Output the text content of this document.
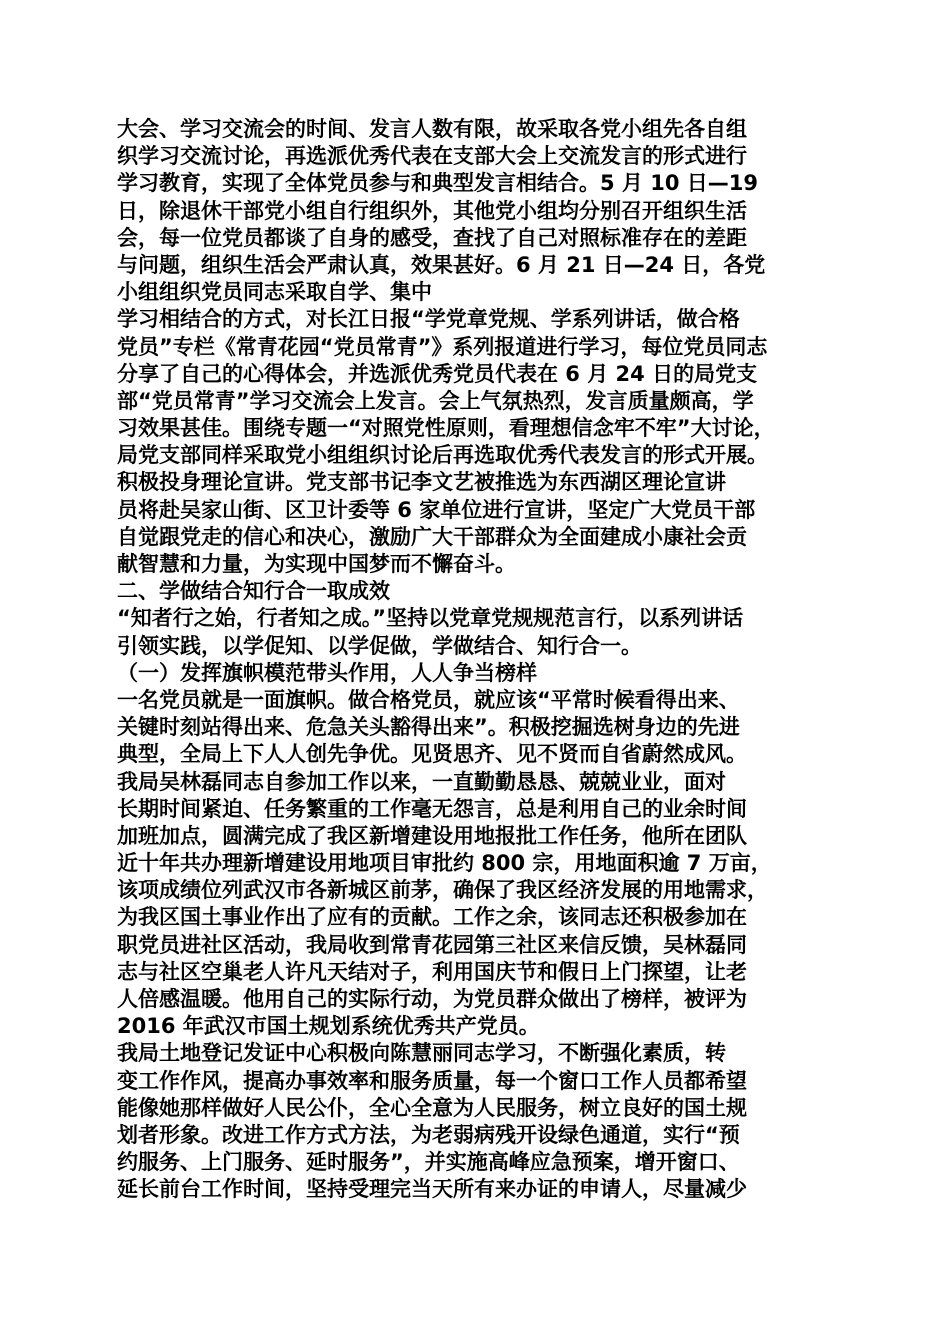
大会、学习交流会的时间、发言人数有限，故采取各党小组先各自组
织学习交流讨论，再选派优秀代表在支部大会上交流发言的形式进行
学习教育，实现了全体党员参与和典型发言相结合。5 月 10 日—19
日，除退休干部党小组自行组织外，其他党小组均分别召开组织生活
会，每一位党员都谈了自身的感受，查找了自己对照标准存在的差距
与问题，组织生活会严肃认真，效果甚好。6 月 21 日—24 日，各党
小组组织党员同志采取自学、集中
学习相结合的方式，对长江日报“学党章党规、学系列讲话，做合格
党员”专栏《常青花园“党员常青”》系列报道进行学习，每位党员同志
分享了自己的心得体会，并选派优秀党员代表在 6 月 24 日的局党支
部“党员常青”学习交流会上发言。会上气氛热烈，发言质量颇高，学
习效果甚佳。围绕专题一“对照党性原则，看理想信念牢不牢”大讨论，
局党支部同样采取党小组组织讨论后再选取优秀代表发言的形式开展。
积极投身理论宣讲。党支部书记李文艺被推选为东西湖区理论宣讲
员将赴吴家山街、区卫计委等 6 家单位进行宣讲，坚定广大党员干部
自觉跟党走的信心和决心，激励广大干部群众为全面建成小康社会贡
献智慧和力量，为实现中国梦而不懈奋斗。
二、学做结合知行合一取成效
“知者行之始，行者知之成。”坚持以党章党规规范言行，以系列讲话
引领实践，以学促知、以学促做，学做结合、知行合一。
（一）发挥旗帜模范带头作用，人人争当榜样
一名党员就是一面旗帜。做合格党员，就应该“平常时候看得出来、
关键时刻站得出来、危急关头豁得出来”。积极挖掘选树身边的先进
典型，全局上下人人创先争优。见贤思齐、见不贤而自省蔚然成风。
我局吴林磊同志自参加工作以来，一直勤勤恳恳、兢兢业业，面对
长期时间紧迫、任务繁重的工作毫无怨言，总是利用自己的业余时间
加班加点，圆满完成了我区新增建设用地报批工作任务，他所在团队
近十年共办理新增建设用地项目审批约 800 宗，用地面积逾 7 万亩，
该项成绩位列武汉市各新城区前茅，确保了我区经济发展的用地需求，
为我区国土事业作出了应有的贡献。工作之余，该同志还积极参加在
职党员进社区活动，我局收到常青花园第三社区来信反馈，吴林磊同
志与社区空巢老人许凡天结对子，利用国庆节和假日上门探望，让老
人倍感温暖。他用自己的实际行动，为党员群众做出了榜样，被评为
2016 年武汉市国土规划系统优秀共产党员。
我局土地登记发证中心积极向陈慧丽同志学习，不断强化素质，转
变工作作风，提高办事效率和服务质量，每一个窗口工作人员都希望
能像她那样做好人民公仆，全心全意为人民服务，树立良好的国土规
划者形象。改进工作方式方法，为老弱病残开设绿色通道，实行“预
约服务、上门服务、延时服务”，并实施高峰应急预案，增开窗口、
延长前台工作时间，坚持受理完当天所有来办证的申请人，尽量减少
